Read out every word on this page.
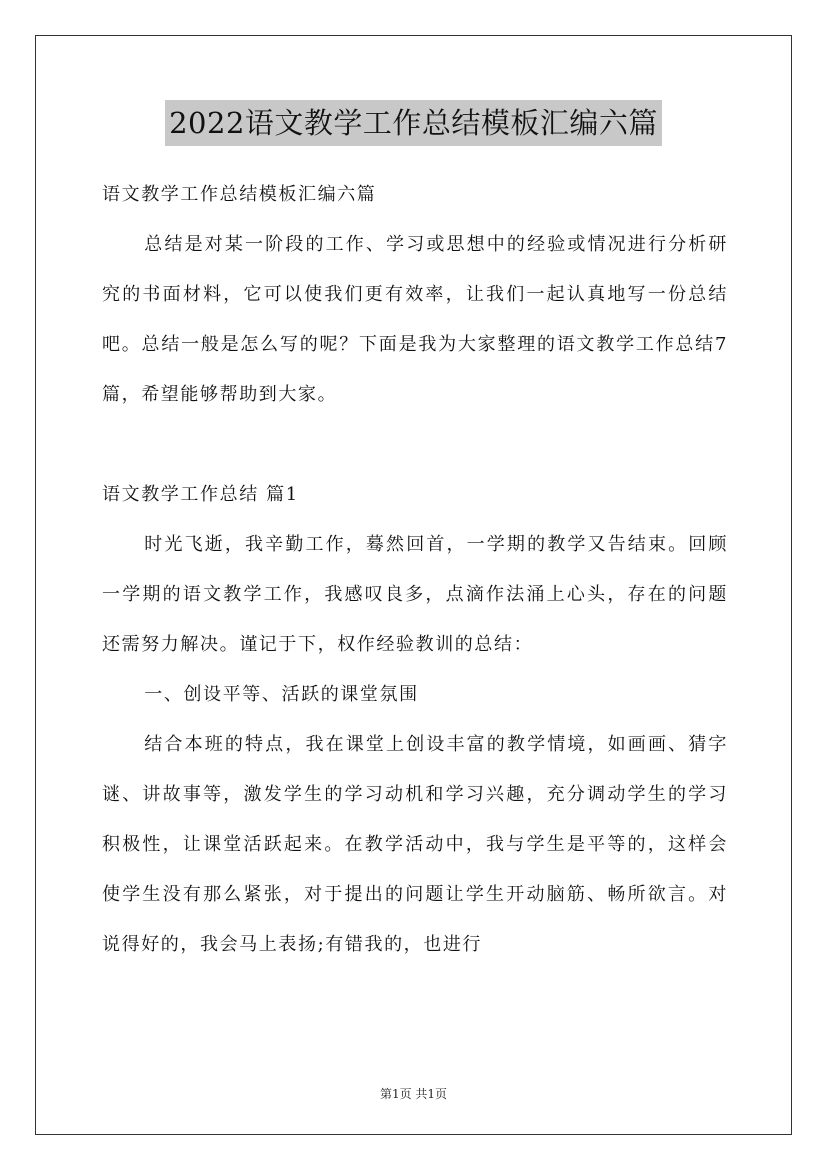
2022语文教学工作总结模板汇编六篇

语文教学工作总结模板汇编六篇

总结是对某一阶段的工作、学习或思想中的经验或情况进行分析研究的书面材料，它可以使我们更有效率，让我们一起认真地写一份总结吧。总结一般是怎么写的呢？下面是我为大家整理的语文教学工作总结7篇，希望能够帮助到大家。

语文教学工作总结 篇1

时光飞逝，我辛勤工作，蓦然回首，一学期的教学又告结束。回顾一学期的语文教学工作，我感叹良多，点滴作法涌上心头，存在的问题还需努力解决。谨记于下，权作经验教训的总结：

一、创设平等、活跃的课堂氛围

结合本班的特点，我在课堂上创设丰富的教学情境，如画画、猜字谜、讲故事等，激发学生的学习动机和学习兴趣，充分调动学生的学习积极性，让课堂活跃起来。在教学活动中，我与学生是平等的，这样会使学生没有那么紧张，对于提出的问题让学生开动脑筋、畅所欲言。对说得好的，我会马上表扬;有错我的，也进行

第1页 共1页
